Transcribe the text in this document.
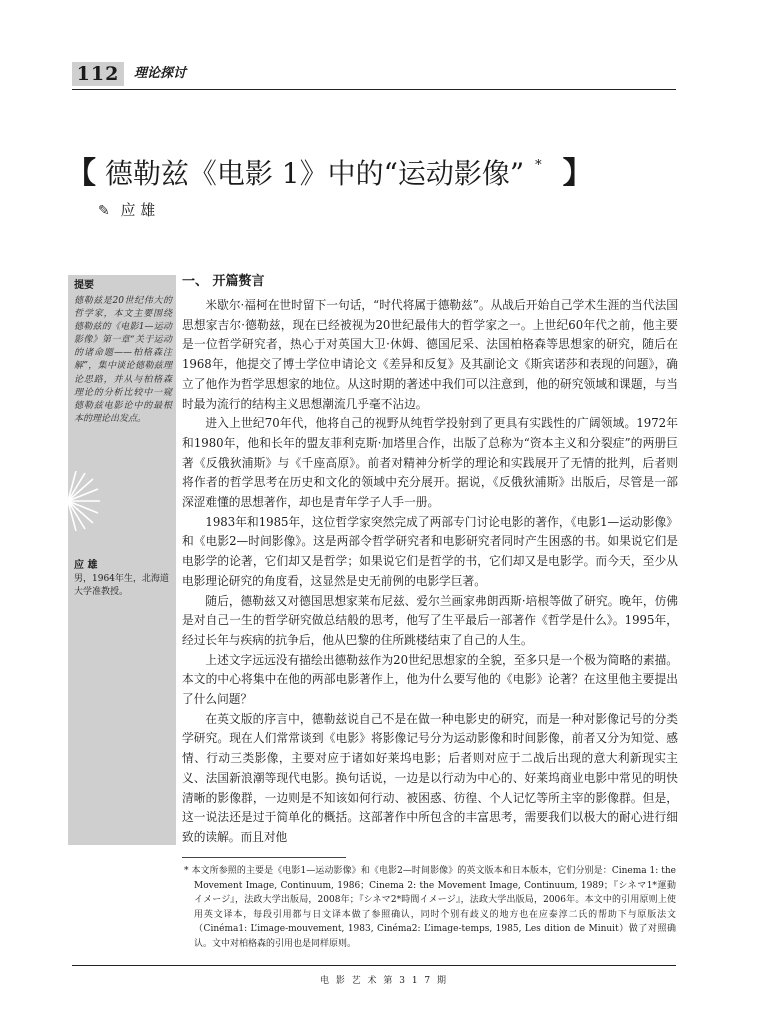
112	理论探讨
【 德勒兹《电影 1》中的“运动影像” * 】
✎ 应 雄
提要
德勒兹是20世纪伟大的哲学家，本文主要围绕德勒兹的《电影1—运动影像》第一章“关于运动的诸命题——柏格森注解”，集中谈论德勒兹理论思路，并从与柏格森理论的分析比较中一窥德勒兹电影论中的最根本的理论出发点。
应 雄
男，1964年生，北海道大学准教授。
一、 开篇赘言

米歇尔·福柯在世时留下一句话，“时代将属于德勒兹”。从战后开始自己学术生涯的当代法国思想家吉尔·德勒兹，现在已经被视为20世纪最伟大的哲学家之一。上世纪60年代之前，他主要是一位哲学研究者，热心于对英国大卫·休姆、德国尼采、法国柏格森等思想家的研究，随后在1968年，他提交了博士学位申请论文《差异和反复》及其副论文《斯宾诺莎和表现的问题》，确立了他作为哲学思想家的地位。从这时期的著述中我们可以注意到，他的研究领域和课题，与当时最为流行的结构主义思想潮流几乎毫不沾边。

进入上世纪70年代，他将自己的视野从纯哲学投射到了更具有实践性的广阔领域。1972年和1980年，他和长年的盟友菲利克斯·加塔里合作，出版了总称为“资本主义和分裂症”的两册巨著《反俄狄浦斯》与《千座高原》。前者对精神分析学的理论和实践展开了无情的批判，后者则将作者的哲学思考在历史和文化的领域中充分展开。据说，《反俄狄浦斯》出版后，尽管是一部深涩难懂的思想著作，却也是青年学子人手一册。

1983年和1985年，这位哲学家突然完成了两部专门讨论电影的著作，《电影1—运动影像》和《电影2—时间影像》。这是两部令哲学研究者和电影研究者同时产生困惑的书。如果说它们是电影学的论著，它们却又是哲学；如果说它们是哲学的书，它们却又是电影学。而今天，至少从电影理论研究的角度看，这显然是史无前例的电影学巨著。

随后，德勒兹又对德国思想家莱布尼兹、爱尔兰画家弗朗西斯·培根等做了研究。晚年，仿佛是对自己一生的哲学研究做总结般的思考，他写了生平最后一部著作《哲学是什么》。1995年，经过长年与疾病的抗争后，他从巴黎的住所跳楼结束了自己的人生。

上述文字远远没有描绘出德勒兹作为20世纪思想家的全貌，至多只是一个极为简略的素描。本文的中心将集中在他的两部电影著作上，他为什么要写他的《电影》论著？在这里他主要提出了什么问题？

在英文版的序言中，德勒兹说自己不是在做一种电影史的研究，而是一种对影像记号的分类学研究。现在人们常常谈到《电影》将影像记号分为运动影像和时间影像，前者又分为知觉、感情、行动三类影像，主要对应于诸如好莱坞电影；后者则对应于二战后出现的意大利新现实主义、法国新浪潮等现代电影。换句话说，一边是以行动为中心的、好莱坞商业电影中常见的明快清晰的影像群，一边则是不知该如何行动、被困惑、彷徨、个人记忆等所主宰的影像群。但是，这一说法还是过于简单化的概括。这部著作中所包含的丰富思考，需要我们以极大的耐心进行细致的读解。而且对他

* 本文所参照的主要是《电影1—运动影像》和《电影2—时间影像》的英文版本和日本版本，它们分别是：Cinema 1: the Movement Image, Continuum, 1986；Cinema 2: the Movement Image, Continuum, 1989；『シネマ1*運動イメージ』，法政大学出版局，2008年；『シネマ2*時間イメージ』，法政大学出版局，2006年。本文中的引用原则上使用英文译本，每段引用都与日文译本做了参照确认，同时个别有歧义的地方也在应泰淳二氏的帮助下与原版法文（Cinéma1: L’image-mouvement, 1983, Cinéma2: L’image-temps, 1985, Les dition de Minuit）做了对照确认。文中对柏格森的引用也是同样原则。
电 影 艺 术 第 3 1 7 期
